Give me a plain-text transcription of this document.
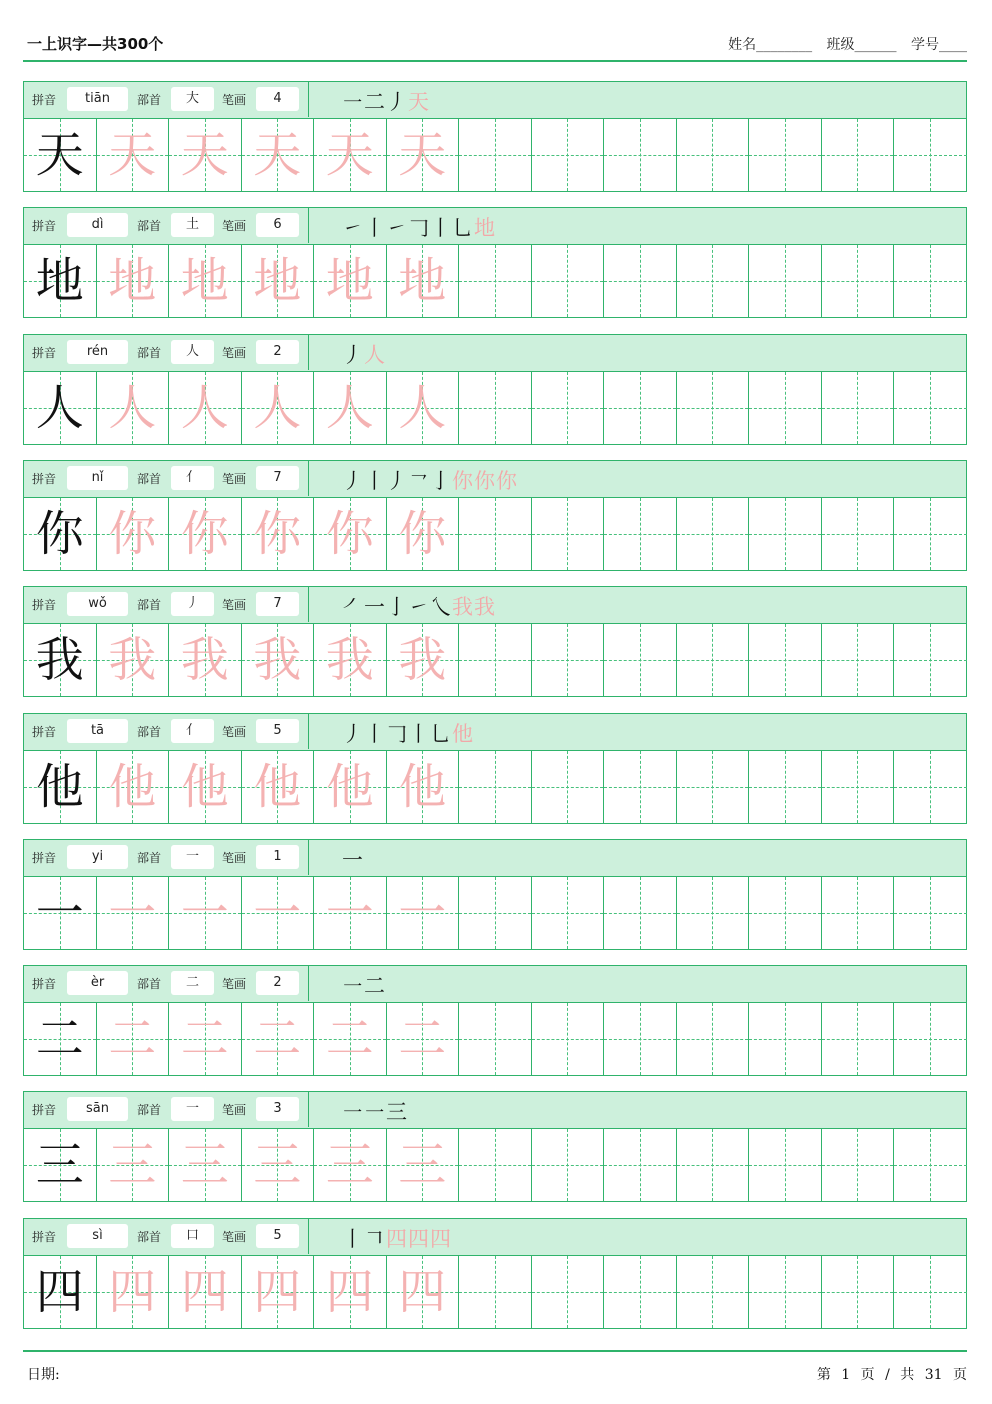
一上识字—共300个	姓名________ 班级______ 学号____
拼音	tiān	部首	大	笔画	4	㇐二丿天
天 天 天 天 天 天
拼音	dì	部首	土	笔画	6	㇀丨㇀𠃌丨乚地
地 地 地 地 地 地
拼音	rén	部首	人	笔画	2	丿人
人 人 人 人 人 人
拼音	nǐ	部首	亻	笔画	7	丿丨丿㇖亅你你你
你 你 你 你 你 你
拼音	wǒ	部首	丿	笔画	7	㇒一亅㇀乀我我
我 我 我 我 我 我
拼音	tā	部首	亻	笔画	5	丿丨𠃌丨乚他
他 他 他 他 他 他
拼音	yi	部首	一	笔画	1	一
一 一 一 一 一 一
拼音	èr	部首	二	笔画	2	㇐二
二 二 二 二 二 二
拼音	sān	部首	一	笔画	3	㇐㇐三
三 三 三 三 三 三
拼音	sì	部首	口	笔画	5	丨𠃍四四四
四 四 四 四 四 四
日期:	第 1 页 / 共 31 页
